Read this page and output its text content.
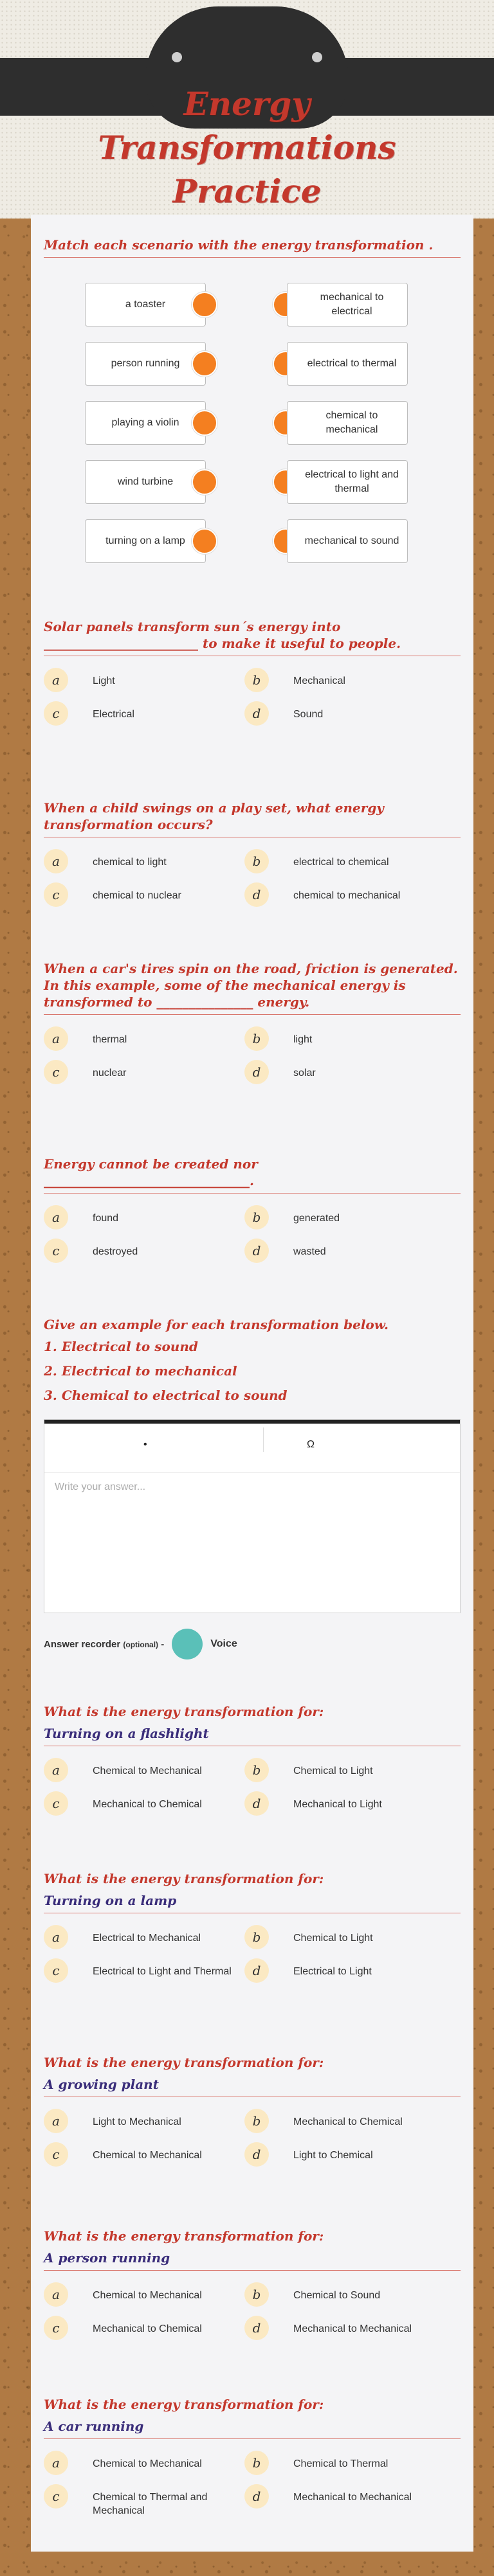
Energy
Transformations
Practice
Match each scenario with the energy transformation .
a toaster
person running
playing a violin
wind turbine
turning on a lamp
mechanical to electrical
electrical to thermal
chemical to mechanical
electrical to light and thermal
mechanical to sound
Solar panels transform sun´s energy into ________________________ to make it useful to people.
a	Light	b	Mechanical
c	Electrical	d	Sound
When a child swings on a play set, what energy transformation occurs?
a	chemical to light	b	electrical to chemical
c	chemical to nuclear	d	chemical to mechanical
When a car's tires spin on the road, friction is generated. In this example, some of the mechanical energy is transformed to _______________ energy.
a	thermal	b	light
c	nuclear	d	solar
Energy cannot be created nor ________________________________.
a	found	b	generated
c	destroyed	d	wasted
Give an example for each transformation below.
1. Electrical to sound
2. Electrical to mechanical
3. Chemical to electrical to sound
•	Ω
Write your answer...
Answer recorder (optional) -	Voice
What is the energy transformation for:
Turning on a flashlight
a	Chemical to Mechanical	b	Chemical to Light
c	Mechanical to Chemical	d	Mechanical to Light
What is the energy transformation for:
Turning on a lamp
a	Electrical to Mechanical	b	Chemical to Light
c	Electrical to Light and Thermal	d	Electrical to Light
What is the energy transformation for:
A growing plant
a	Light to Mechanical	b	Mechanical to Chemical
c	Chemical to Mechanical	d	Light to Chemical
What is the energy transformation for:
A person running
a	Chemical to Mechanical	b	Chemical to Sound
c	Mechanical to Chemical	d	Mechanical to Mechanical
What is the energy transformation for:
A car running
a	Chemical to Mechanical	b	Chemical to Thermal
c	Chemical to Thermal and Mechanical
d	Mechanical to Mechanical
